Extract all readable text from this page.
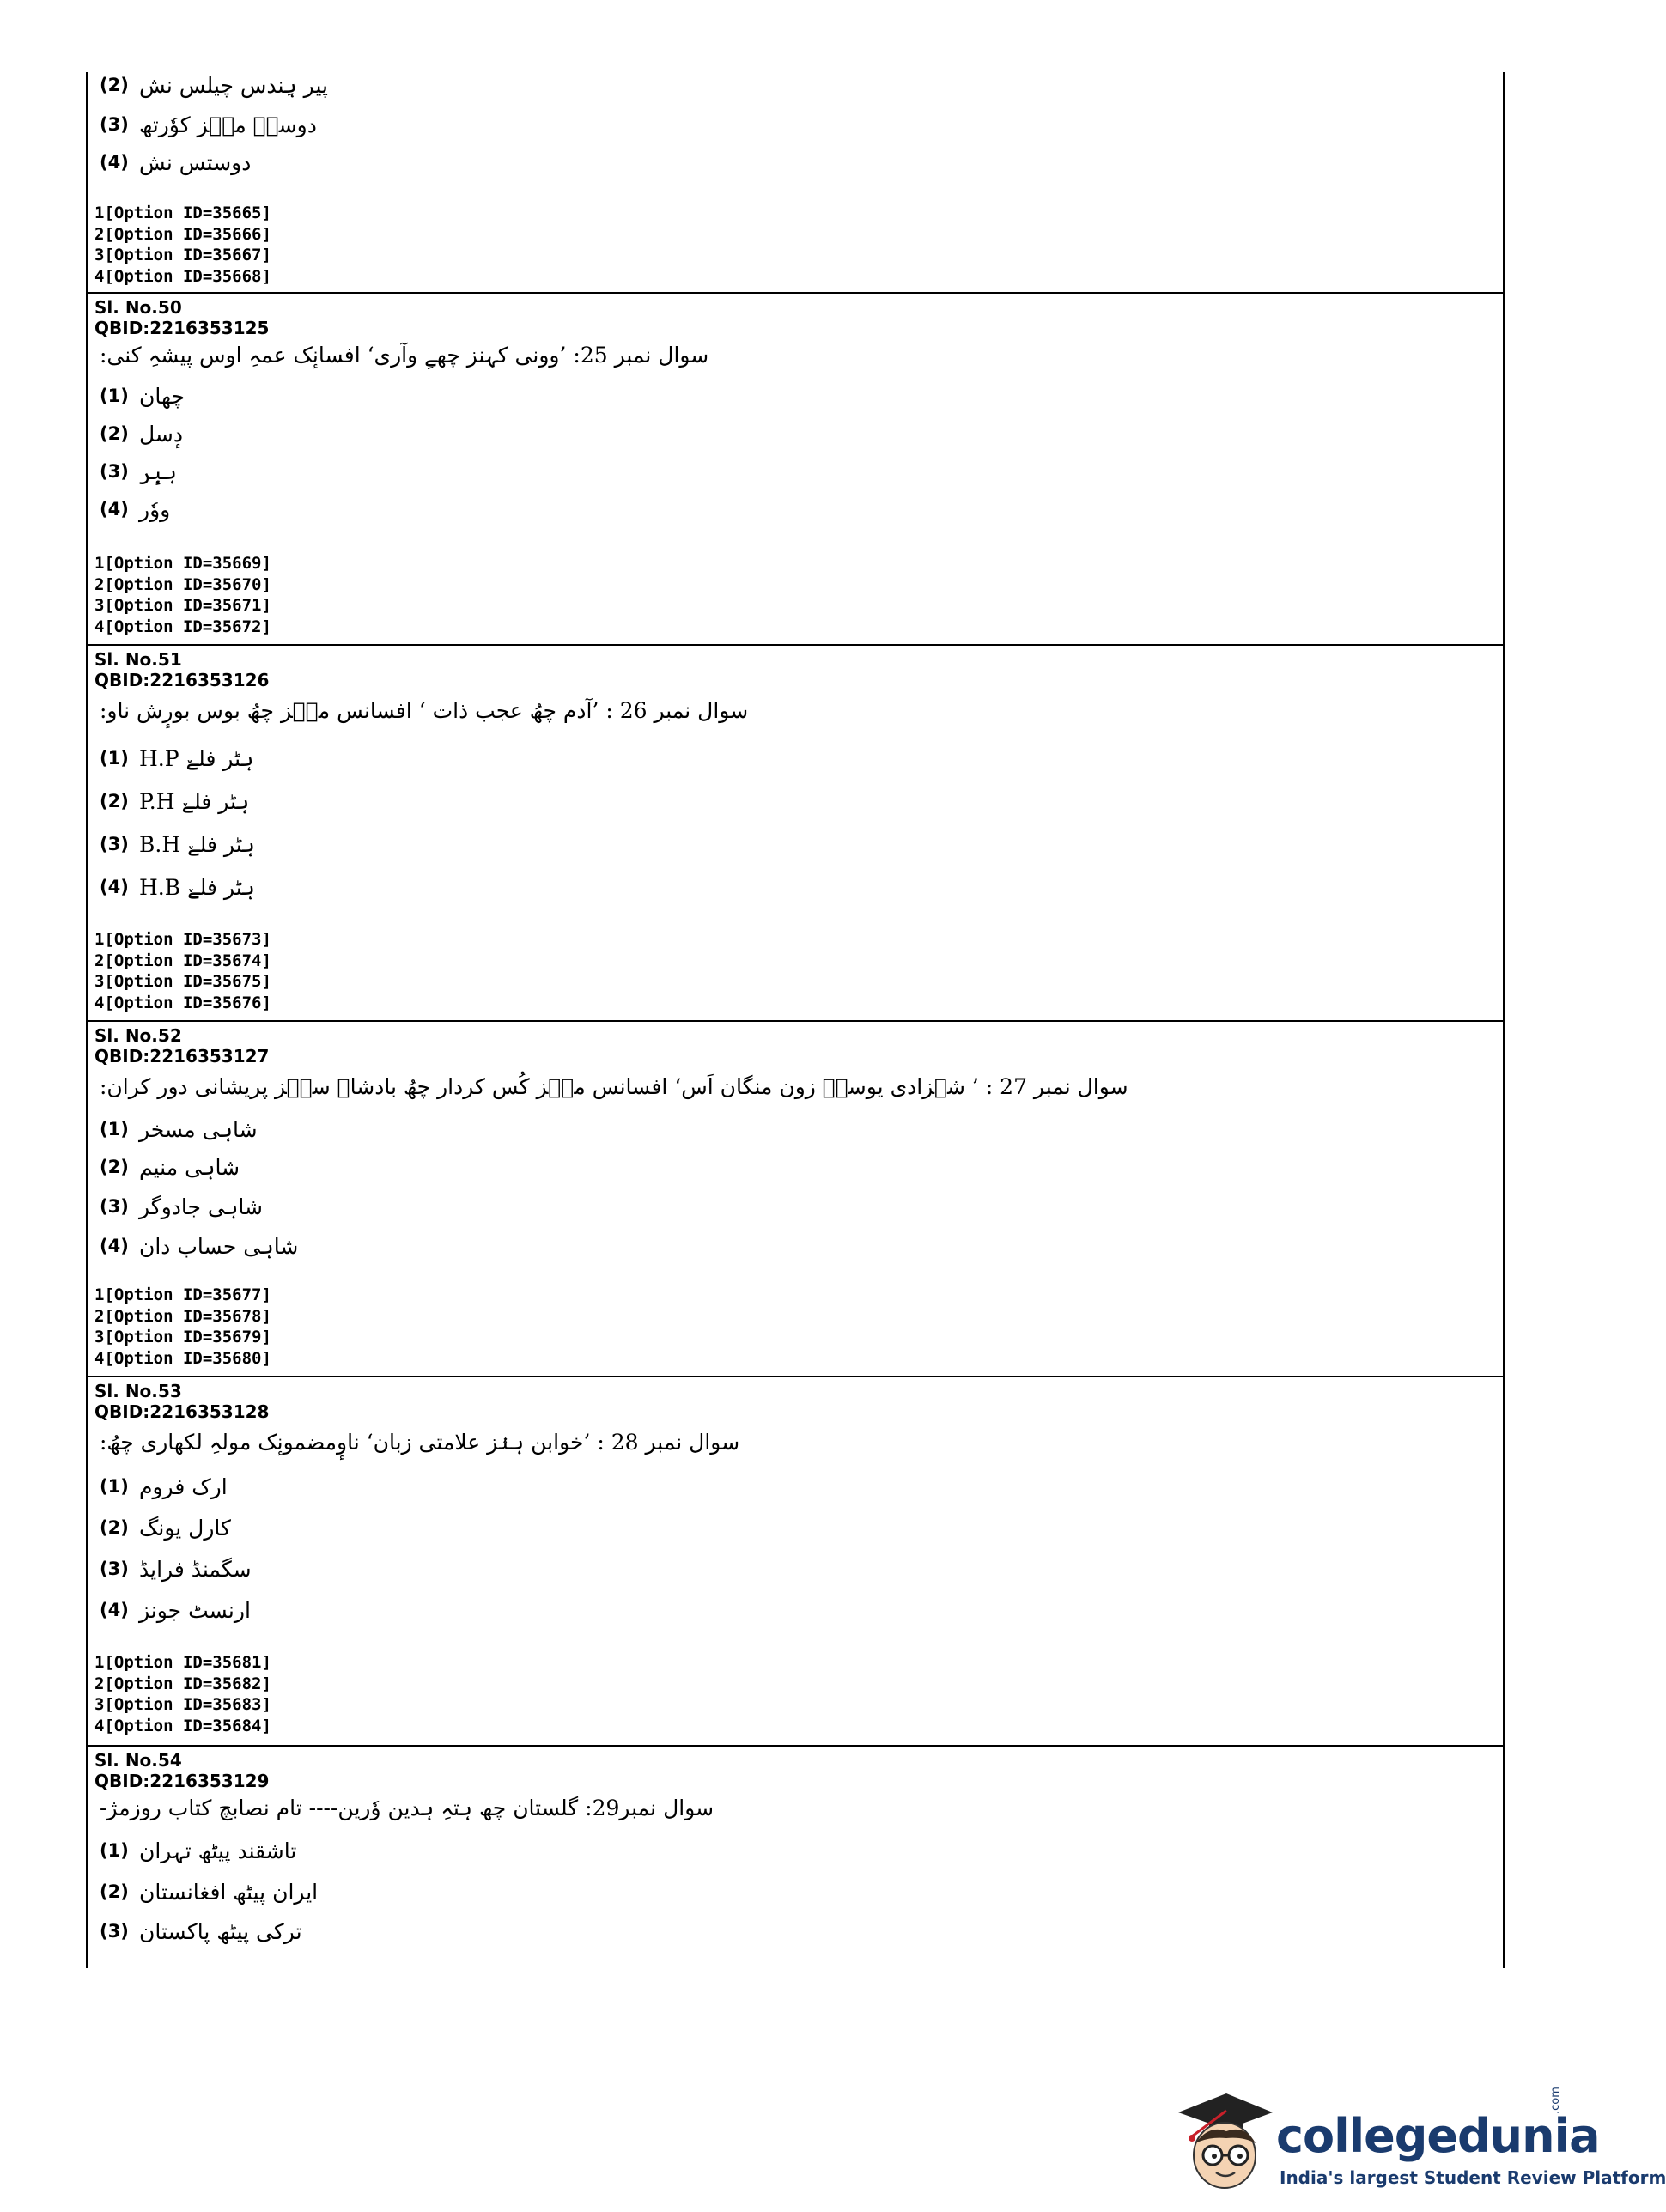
(2) پیر ہِندس چیلس نش
(3) دوسہِ منٛز کوٗرتھ
(4) دوستس نش
1[Option ID=35665]
2[Option ID=35666]
3[Option ID=35667]
4[Option ID=35668]
Sl. No.50
QBID:2216353125
سوال نمبر 25: ’وونی کہنز چھےِ وآری‘ افسانٕک عمہِ اوس پیشہِ کنی:
(1) چھان
(2) دٕسل
(3) ہبٕر
(4) ووٗر
1[Option ID=35669]
2[Option ID=35670]
3[Option ID=35671]
4[Option ID=35672]
Sl. No.51
QBID:2216353126
سوال نمبر 26 : ’آدم چھُ عجب ذات ‘ افسانس منٛز چھُ بوس بورٕش ناو:
(1) H.P ہٹر فلےٚ
(2) P.H ہٹر فلےٚ
(3) B.H ہٹر فلےٚ
(4) H.B ہٹر فلےٚ
1[Option ID=35673]
2[Option ID=35674]
3[Option ID=35675]
4[Option ID=35676]
Sl. No.52
QBID:2216353127
سوال نمبر 27 : ’ شہزادی یوسہِ زون منگان اَس‘ افسانس منٛز کُس کردار چھُ بادشاہ سنٛز پریشانی دور کران:
(1) شاہی مسخر
(2) شاہی منیم
(3) شاہی جادوگر
(4) شاہی حساب دان
1[Option ID=35677]
2[Option ID=35678]
3[Option ID=35679]
4[Option ID=35680]
Sl. No.53
QBID:2216353128
سوال نمبر 28 : ’خوابن ہنٛز علامتی زبان‘ ناوٕمضمونٕک مولہِ لکھاری چھُ:
(1) ارک فروم
(2) کارل یونگ
(3) سگمنڈ فرایڈ
(4) ارنسٹ جونز
1[Option ID=35681]
2[Option ID=35682]
3[Option ID=35683]
4[Option ID=35684]
Sl. No.54
QBID:2216353129
سوال نمبر29: گلستان چھ ہتہِ ہدین وٗرین---- تام نصابچ کتاب روزمژ-
(1) تاشقند پیٹھ تہران
(2) ایران پیٹھ افغانستان
(3) ترکی پیٹھ پاکستان
collegedunia
.com
India's largest Student Review Platform
